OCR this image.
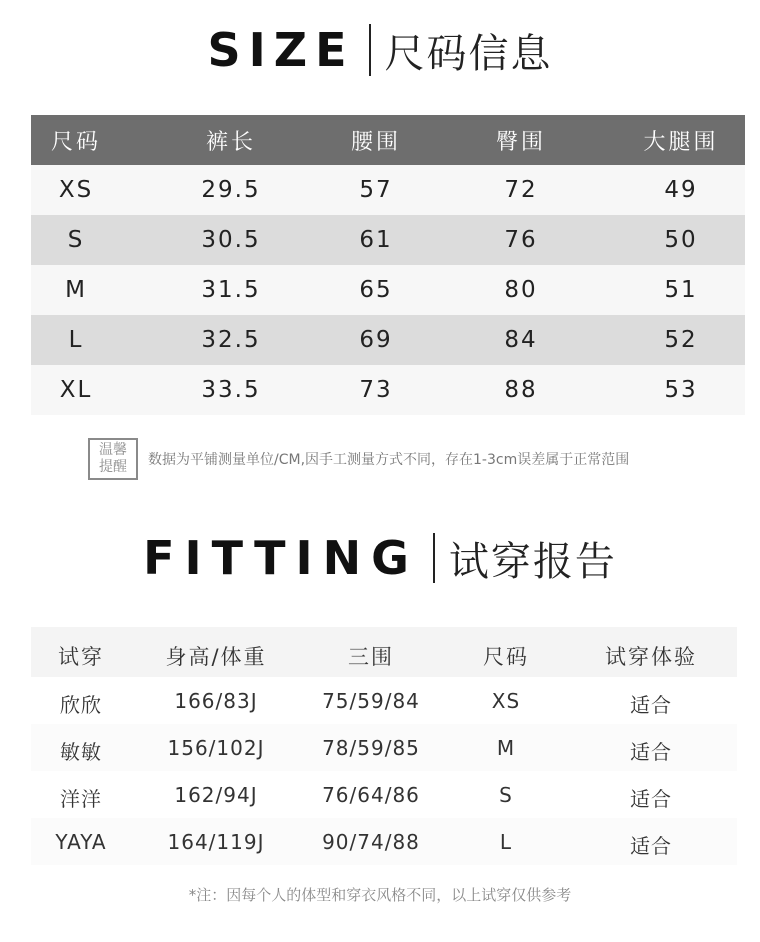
SIZE 尺码信息
尺码	裤长	腰围	臀围	大腿围
XS	29.5	57	72	49
S	30.5	61	76	50
M	31.5	65	80	51
L	32.5	69	84	52
XL	33.5	73	88	53
温馨
提醒 数据为平铺测量单位/CM,因手工测量方式不同，存在1-3cm误差属于正常范围
FITTING 试穿报告
试穿	身高/体重	三围	尺码	试穿体验
欣欣	166/83J	75/59/84	XS	适合
敏敏	156/102J	78/59/85	M	适合
洋洋	162/94J	76/64/86	S	适合
YAYA	164/119J	90/74/88	L	适合
*注：因每个人的体型和穿衣风格不同，以上试穿仅供参考
